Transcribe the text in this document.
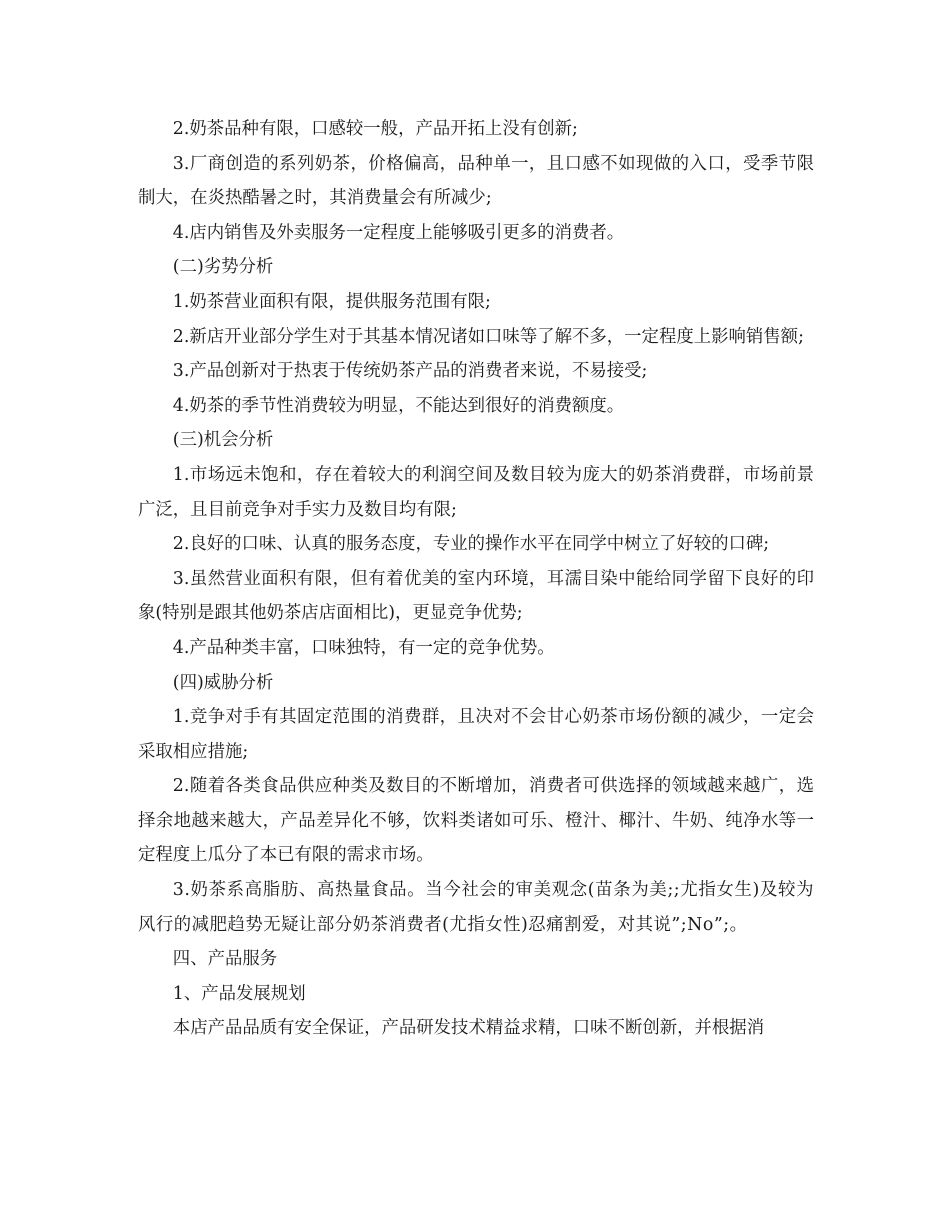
2.奶茶品种有限，口感较一般，产品开拓上没有创新;

3.厂商创造的系列奶茶，价格偏高，品种单一，且口感不如现做的入口，受季节限制大，在炎热酷暑之时，其消费量会有所减少;

4.店内销售及外卖服务一定程度上能够吸引更多的消费者。

(二)劣势分析

1.奶茶营业面积有限，提供服务范围有限;

2.新店开业部分学生对于其基本情况诸如口味等了解不多，一定程度上影响销售额;

3.产品创新对于热衷于传统奶茶产品的消费者来说，不易接受;

4.奶茶的季节性消费较为明显，不能达到很好的消费额度。

(三)机会分析

1.市场远未饱和，存在着较大的利润空间及数目较为庞大的奶茶消费群，市场前景广泛，且目前竞争对手实力及数目均有限;

2.良好的口味、认真的服务态度，专业的操作水平在同学中树立了好较的口碑;

3.虽然营业面积有限，但有着优美的室内环境，耳濡目染中能给同学留下良好的印象(特别是跟其他奶茶店店面相比)，更显竞争优势;

4.产品种类丰富，口味独特，有一定的竞争优势。

(四)威胁分析

1.竞争对手有其固定范围的消费群，且决对不会甘心奶茶市场份额的减少，一定会采取相应措施;

2.随着各类食品供应种类及数目的不断增加，消费者可供选择的领域越来越广，选择余地越来越大，产品差异化不够，饮料类诸如可乐、橙汁、椰汁、牛奶、纯净水等一定程度上瓜分了本已有限的需求市场。

3.奶茶系高脂肪、高热量食品。当今社会的审美观念(苗条为美;;尤指女生)及较为风行的减肥趋势无疑让部分奶茶消费者(尤指女性)忍痛割爱，对其说”;No”;。

四、产品服务

1、产品发展规划

本店产品品质有安全保证，产品研发技术精益求精，口味不断创新，并根据消
